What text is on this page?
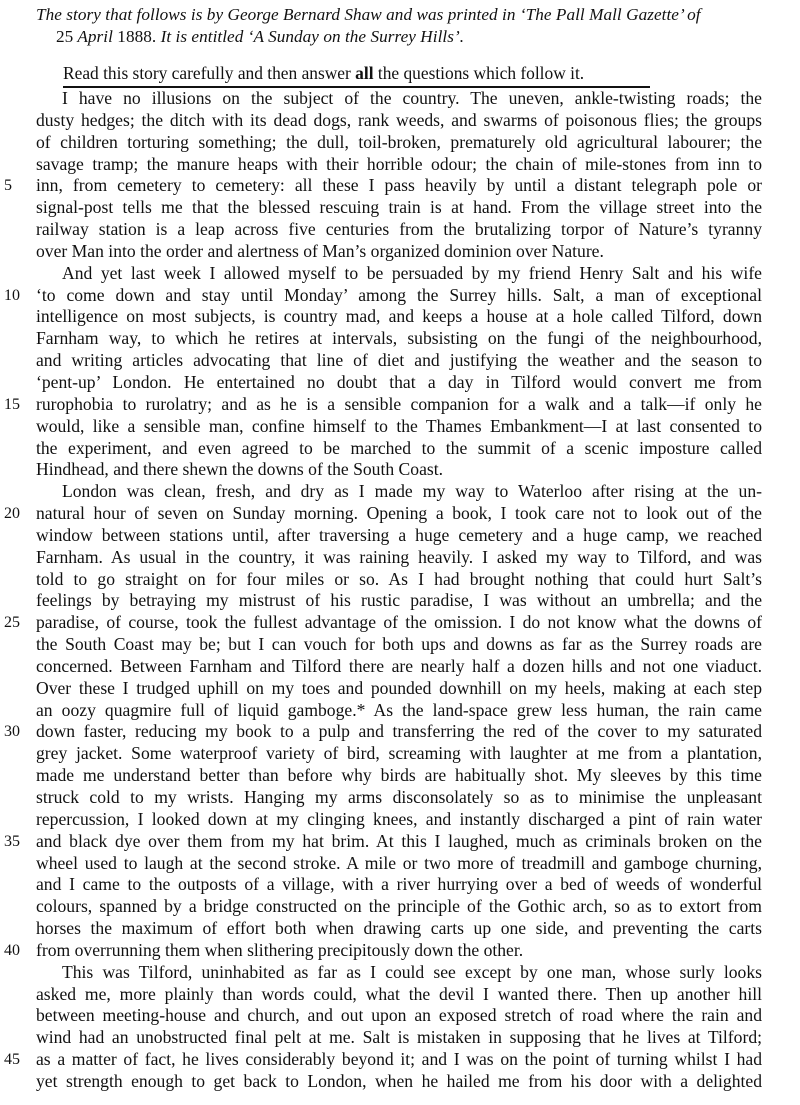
The story that follows is by George Bernard Shaw and was printed in ‘The Pall Mall Gazette’ of
25 April 1888. It is entitled ‘A Sunday on the Surrey Hills’.
Read this story carefully and then answer all the questions which follow it.
I have no illusions on the subject of the country. The uneven, ankle-twisting roads; the
dusty hedges; the ditch with its dead dogs, rank weeds, and swarms of poisonous flies; the groups
of children torturing something; the dull, toil-broken, prematurely old agricultural labourer; the
savage tramp; the manure heaps with their horrible odour; the chain of mile-stones from inn to
5	inn, from cemetery to cemetery: all these I pass heavily by until a distant telegraph pole or
signal-post tells me that the blessed rescuing train is at hand. From the village street into the
railway station is a leap across five centuries from the brutalizing torpor of Nature’s tyranny
over Man into the order and alertness of Man’s organized dominion over Nature.
And yet last week I allowed myself to be persuaded by my friend Henry Salt and his wife
10 ‘to come down and stay until Monday’ among the Surrey hills. Salt, a man of exceptional
intelligence on most subjects, is country mad, and keeps a house at a hole called Tilford, down
Farnham way, to which he retires at intervals, subsisting on the fungi of the neighbourhood,
and writing articles advocating that line of diet and justifying the weather and the season to
‘pent-up’ London. He entertained no doubt that a day in Tilford would convert me from
15 rurophobia to rurolatry; and as he is a sensible companion for a walk and a talk—if only he
would, like a sensible man, confine himself to the Thames Embankment—I at last consented to
the experiment, and even agreed to be marched to the summit of a scenic imposture called
Hindhead, and there shewn the downs of the South Coast.
London was clean, fresh, and dry as I made my way to Waterloo after rising at the un-
20 natural hour of seven on Sunday morning. Opening a book, I took care not to look out of the
window between stations until, after traversing a huge cemetery and a huge camp, we reached
Farnham. As usual in the country, it was raining heavily. I asked my way to Tilford, and was
told to go straight on for four miles or so. As I had brought nothing that could hurt Salt’s
feelings by betraying my mistrust of his rustic paradise, I was without an umbrella; and the
25 paradise, of course, took the fullest advantage of the omission. I do not know what the downs of
the South Coast may be; but I can vouch for both ups and downs as far as the Surrey roads are
concerned. Between Farnham and Tilford there are nearly half a dozen hills and not one viaduct.
Over these I trudged uphill on my toes and pounded downhill on my heels, making at each step
an oozy quagmire full of liquid gamboge.* As the land-space grew less human, the rain came
30 down faster, reducing my book to a pulp and transferring the red of the cover to my saturated
grey jacket. Some waterproof variety of bird, screaming with laughter at me from a plantation,
made me understand better than before why birds are habitually shot. My sleeves by this time
struck cold to my wrists. Hanging my arms disconsolately so as to minimise the unpleasant
repercussion, I looked down at my clinging knees, and instantly discharged a pint of rain water
35 and black dye over them from my hat brim. At this I laughed, much as criminals broken on the
wheel used to laugh at the second stroke. A mile or two more of treadmill and gamboge churning,
and I came to the outposts of a village, with a river hurrying over a bed of weeds of wonderful
colours, spanned by a bridge constructed on the principle of the Gothic arch, so as to extort from
horses the maximum of effort both when drawing carts up one side, and preventing the carts
40 from overrunning them when slithering precipitously down the other.
This was Tilford, uninhabited as far as I could see except by one man, whose surly looks
asked me, more plainly than words could, what the devil I wanted there. Then up another hill
between meeting-house and church, and out upon an exposed stretch of road where the rain and
wind had an unobstructed final pelt at me. Salt is mistaken in supposing that he lives at Tilford;
45 as a matter of fact, he lives considerably beyond it; and I was on the point of turning whilst I had
yet strength enough to get back to London, when he hailed me from his door with a delighted
